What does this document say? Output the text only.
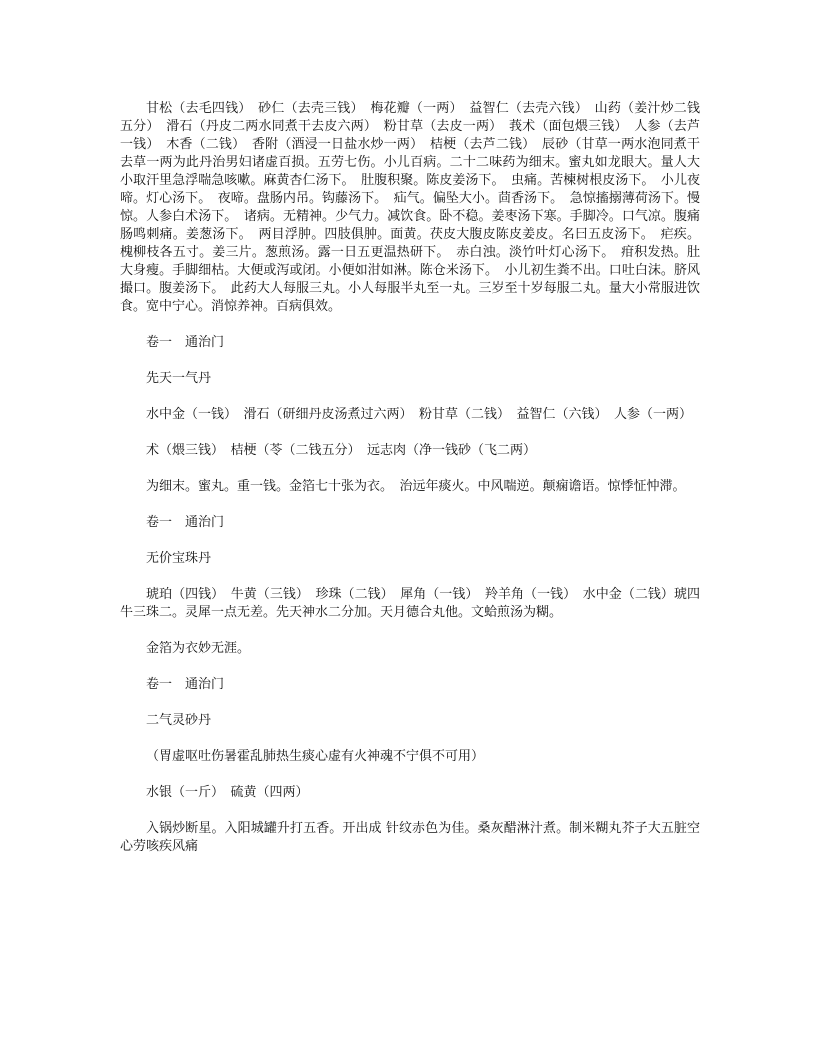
甘松（去毛四钱）　砂仁（去壳三钱）　梅花瓣（一两）　益智仁（去壳六钱）　山药（姜汁炒二钱五分）　滑石（丹皮二两水同煮干去皮六两）　粉甘草（去皮一两）　莪术（面包煨三钱）　人参（去芦一钱）　木香（二钱）　香附（酒浸一日盐水炒一两）　桔梗（去芦二钱）　辰砂（甘草一两水泡同煮干去草一两为此丹治男妇诸虚百损。五劳七伤。小儿百病。二十二味药为细末。蜜丸如龙眼大。量人大小取汗里急浮喘急咳嗽。麻黄杏仁汤下。　肚腹积聚。陈皮姜汤下。　虫痛。苦楝树根皮汤下。　小儿夜啼。灯心汤下。　夜啼。盘肠内吊。钩藤汤下。　疝气。偏坠大小。茴香汤下。　急惊搐搦薄荷汤下。慢惊。人参白术汤下。　诸病。无精神。少气力。减饮食。卧不稳。姜枣汤下寒。手脚冷。口气凉。腹痛肠鸣刺痛。姜葱汤下。　两目浮肿。四肢俱肿。面黄。茯皮大腹皮陈皮姜皮。名曰五皮汤下。　疟疾。槐柳枝各五寸。姜三片。葱煎汤。露一日五更温热研下。　赤白浊。淡竹叶灯心汤下。　疳积发热。肚大身瘦。手脚细枯。大便或泻或闭。小便如泔如淋。陈仓米汤下。　小儿初生粪不出。口吐白沫。脐风撮口。腹姜汤下。　此药大人每服三丸。小人每服半丸至一丸。三岁至十岁每服二丸。量大小常服进饮食。宽中宁心。消惊养神。百病俱效。

卷一　通治门

先天一气丹

水中金（一钱）　滑石（研细丹皮汤煮过六两）　粉甘草（二钱）　益智仁（六钱）　人参（一两）

术（煨三钱）　桔梗（苓（二钱五分）　远志肉（净一钱砂（飞二两）

为细末。蜜丸。重一钱。金箔七十张为衣。　治远年痰火。中风喘逆。颠痫谵语。惊悸怔忡滞。

卷一　通治门

无价宝珠丹

琥珀（四钱）　牛黄（三钱）　珍珠（二钱）　犀角（一钱）　羚羊角（一钱）　水中金（二钱）琥四牛三珠二。灵犀一点无差。先天神水二分加。天月德合丸他。文蛤煎汤为糊。

金箔为衣妙无涯。

卷一　通治门

二气灵砂丹

（胃虚呕吐伤暑霍乱肺热生痰心虚有火神魂不宁俱不可用）

水银（一斤）　硫黄（四两）

入锅炒断星。入阳城罐升打五香。开出成 针纹赤色为佳。桑灰醋淋汁煮。制米糊丸芥子大五脏空心劳咳疾风痛
